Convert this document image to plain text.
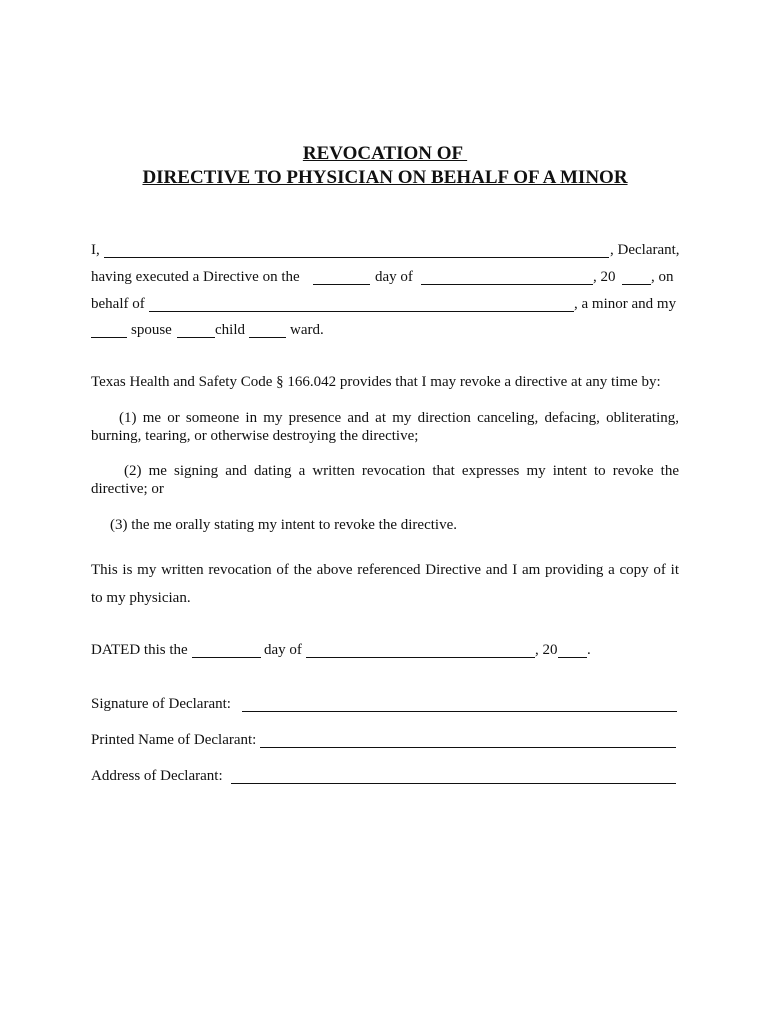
REVOCATION OF
DIRECTIVE TO PHYSICIAN ON BEHALF OF A MINOR
I,	, Declarant,
having executed a Directive on the	day of	, 20 , on
behalf of	, a minor and my
spouse	child	ward.
Texas Health and Safety Code § 166.042 provides that I may revoke a directive at any time by:
(1) me or someone in my presence and at my direction canceling, defacing, obliterating,
burning, tearing, or otherwise destroying the directive;
(2) me signing and dating a written revocation that expresses my intent to revoke the
directive; or
(3) the me orally stating my intent to revoke the directive.
This is my written revocation of the above referenced Directive and I am providing a copy of it
to my physician.
DATED this the	day of	, 20 .
Signature of Declarant:
Printed Name of Declarant:
Address of Declarant:
